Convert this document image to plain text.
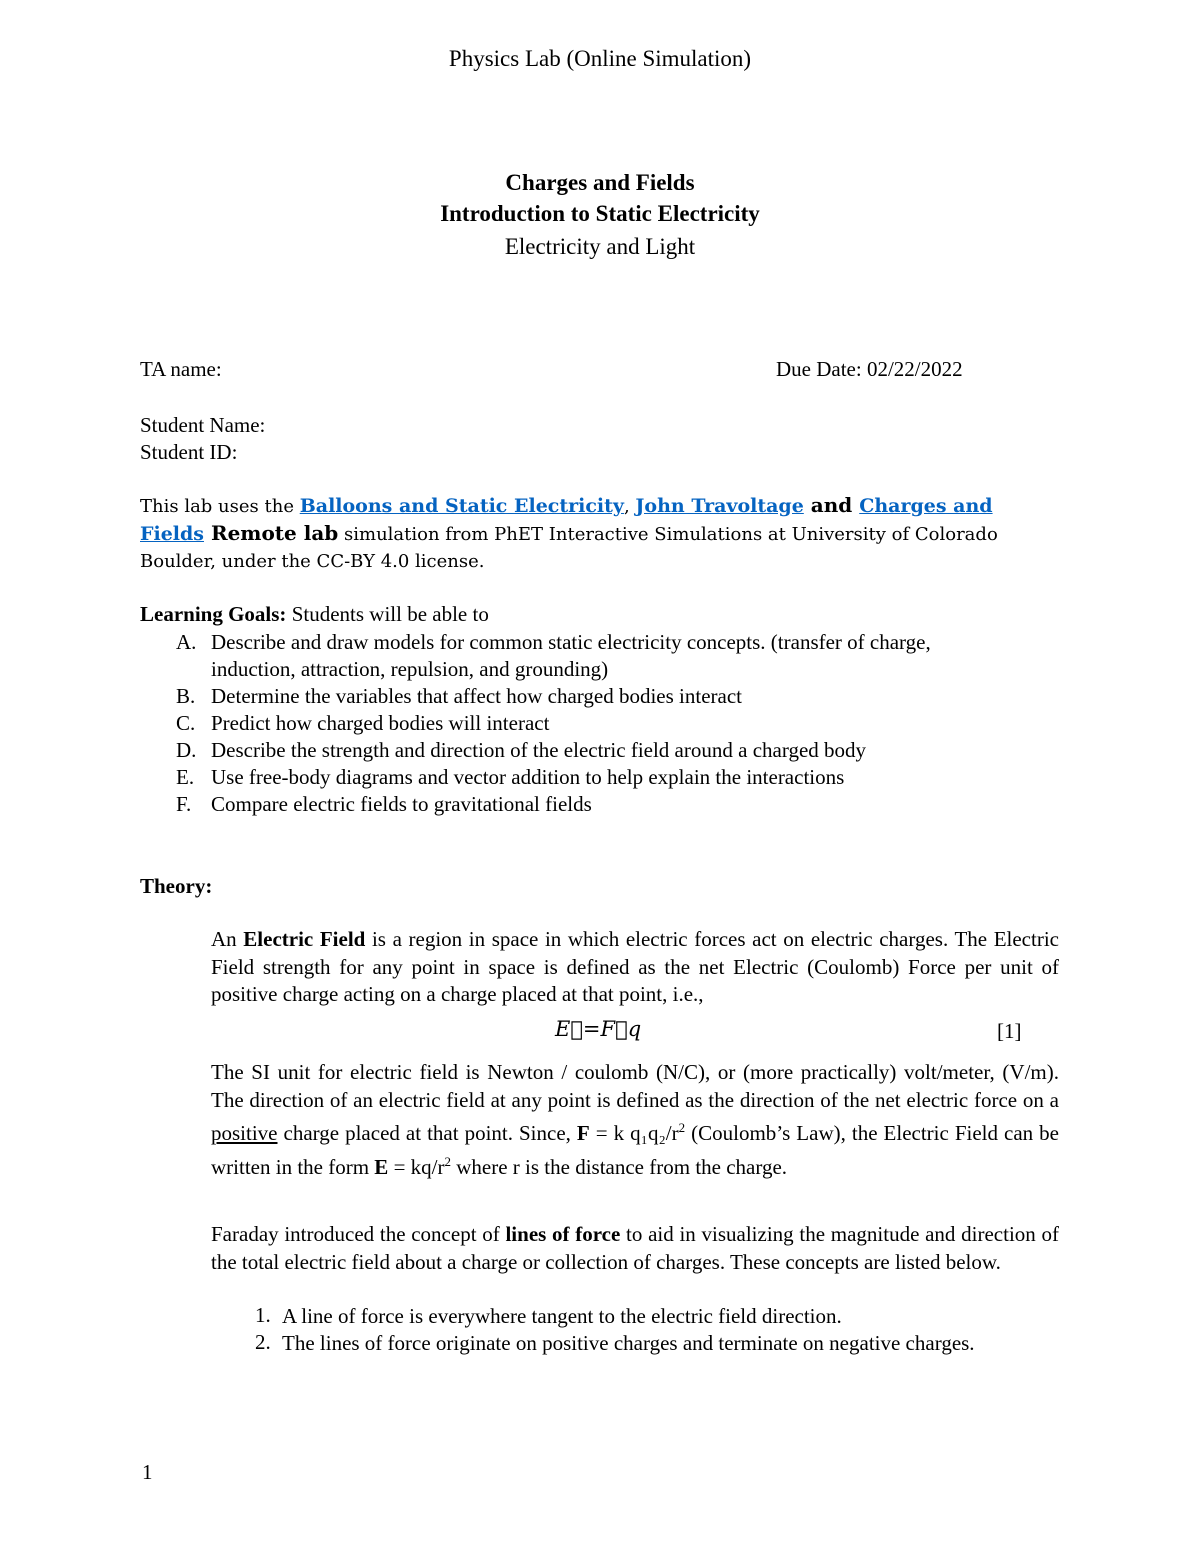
Physics Lab (Online Simulation)
Charges and Fields
Introduction to Static Electricity
Electricity and Light
TA name:	Due Date: 02/22/2022
Student Name:
Student ID:
This lab uses the Balloons and Static Electricity, John Travoltage and Charges and Fields Remote lab simulation from PhET Interactive Simulations at University of Colorado Boulder, under the CC-BY 4.0 license.
Learning Goals: Students will be able to
A. Describe and draw models for common static electricity concepts. (transfer of charge,
induction, attraction, repulsion, and grounding)
B. Determine the variables that affect how charged bodies interact
C. Predict how charged bodies will interact
D. Describe the strength and direction of the electric field around a charged body
E. Use free-body diagrams and vector addition to help explain the interactions
F. Compare electric fields to gravitational fields
Theory:
An Electric Field is a region in space in which electric forces act on electric charges. The Electric Field strength for any point in space is defined as the net Electric (Coulomb) Force per unit of positive charge acting on a charge placed at that point, i.e.,
E⃗=F⃗q	[1]
The SI unit for electric field is Newton / coulomb (N/C), or (more practically) volt/meter, (V/m). The direction of an electric field at any point is defined as the direction of the net electric force on a positive charge placed at that point. Since, F = k q₁q₂/$r^2$ (Coulomb’s Law), the Electric Field can be written in the form $E = kq/r^2$ where r is the distance from the charge.
Faraday introduced the concept of lines of force to aid in visualizing the magnitude and direction of the total electric field about a charge or collection of charges. These concepts are listed below.
1. A line of force is everywhere tangent to the electric field direction.
2. The lines of force originate on positive charges and terminate on negative charges.
1
